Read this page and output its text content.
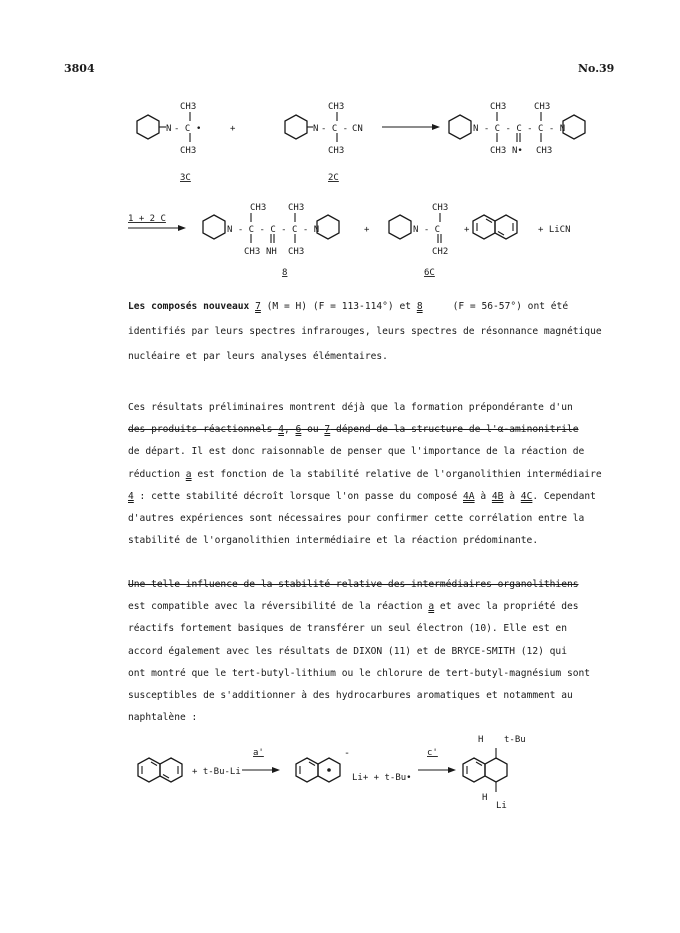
3804	No.39
N - C
CH3
CH3
•
3C
+	N - C - CN
CH3
CH3
2C
N - C - C - C - N
CH3	CH3
CH3 N• CH3
1 + 2 C
N - C - C - C - N
CH3 CH3
CH3 NH CH3
8
+	N - C
CH3
CH2
6C
+	+ LiCN
Les composés nouveaux 7 (M = H) (F = 113-114°) et 8	(F = 56-57°) ont été
identifiés par leurs spectres infrarouges, leurs spectres de résonnance magnétique
nucléaire et par leurs analyses élémentaires.
Ces résultats préliminaires montrent déjà que la formation prépondérante d'un
des produits réactionnels 4, 6 ou 7 dépend de la structure de l'α-aminonitrile
de départ. Il est donc raisonnable de penser que l'importance de la réaction de
réduction a est fonction de la stabilité relative de l'organolithien intermédiaire
4 : cette stabilité décroît lorsque l'on passe du composé 4A à 4B à 4C. Cependant
d'autres expériences sont nécessaires pour confirmer cette corrélation entre la
stabilité de l'organolithien intermédiaire et la réaction prédominante.
Une telle influence de la stabilité relative des intermédiaires organolithiens
est compatible avec la réversibilité de la réaction a et avec la propriété des
réactifs fortement basiques de transférer un seul électron (10). Elle est en
accord également avec les résultats de DIXON (11) et de BRYCE-SMITH (12) qui
ont montré que le tert-butyl-lithium ou le chlorure de tert-butyl-magnésium sont
susceptibles de s'additionner à des hydrocarbures aromatiques et notamment au
naphtalène :
+ t-Bu-Li
a'	-
Li+ + t-Bu•
c'
H t-Bu
H
Li
